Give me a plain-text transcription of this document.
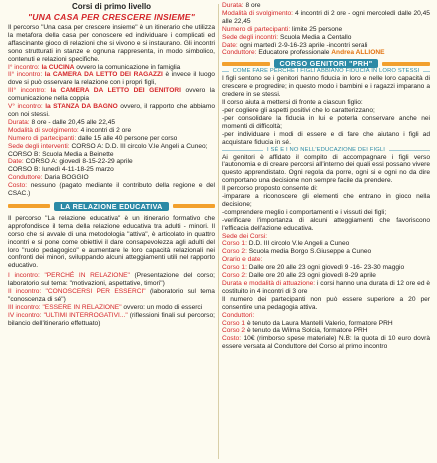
Corsi di primo livello

"UNA CASA PER CRESCERE INSIEME"

Il percorso "Una casa per crescere insieme" è un itinerario che utilizza la metafora della casa per conoscere ed individuare i complicati ed affascinante gioco di relazioni che si vivono e si instaurano. Gli incontri sono strutturati in stanze e ognuna rappresenta, in modo simbolico, contenuti e relazioni specifiche.

I° incontro: la CUCINA ovvero la comunicazione in famiglia

II° incontro: la CAMERA DA LETTO DEI RAGAZZI è invece il luogo dove si può osservare la relazione con i propri figli,

III° incontro: la CAMERA DA LETTO DEI GENITORI ovvero la comunicazione nella coppia

V° incontro: la STANZA DA BAGNO ovvero, il rapporto che abbiamo con noi stessi.

Durata: 8 ore - dalle 20,45 alle 22,45

Modalità di svolgimento: 4 incontri di 2 ore

Numero di partecipanti: dalle 15 alle 40 persone per corso

Sede degli interventi: CORSO A: D.D. III circolo V.le Angeli a Cuneo;

CORSO B: Scuola Media a Beinette

Date: CORSO A: giovedì 8-15-22-29 aprile

CORSO B: lunedì 4-11-18-25 marzo

Conduttore: Daria BOGGIO

Costo: nessuno (pagato mediante il contributo della regione e del CSAC.)

LA RELAZIONE EDUCATIVA

Il percorso "La relazione educativa" è un itinerario formativo che approfondisce il tema della relazione educativa tra adulti - minori. Il corso che si avvale di una metodologia "attiva", è articolato in quattro incontri e si pone come obiettivi il dare consapevolezza agli adulti del loro "ruolo pedagogico" e aumentare le loro capacità relazionali nei confronti dei minori, sviluppando alcuni atteggiamenti utili nel rapporto educativo.

I incontro: "PERCHÉ IN RELAZIONE" (Presentazione del corso; laboratorio sul tema: "motivazioni, aspettative, timori")

II incontro: "CONOSCERSI PER ESSERCI" (laboratorio sul tema "conoscenza di sé")

III incontro: "ESSERE IN RELAZIONE" ovvero: un modo di esserci

IV incontro: "ULTIMI INTERROGATIVI..." (riflessioni finali sul percorso; bilancio dell'itinerario effettuato)

Durata: 8 ore

Modalità di svolgimento: 4 incontri di 2 ore - ogni mercoledì dalle 20,45 alle 22,45

Numero di partecipanti: limite 25 persone

Sede degli incontri: Scuola Media a Centallo

Date: ogni martedì 2-9-16-23 aprile -incontri serali

Conduttore: Educatore professionale Andrea ALLIONE

CORSO GENITORI "PRH"
COME FARE PERCHÉ I FIGLI ABBIANO FIDUCIA IN LORO STESSI

I figli sentono se i genitori hanno fiducia in loro e nelle loro capacità di crescere e progredire; in questo modo i bambini e i ragazzi imparano a credere in se stessi.

Il corso aiuta a mettersi di fronte a ciascun figlio:

-per cogliere gli aspetti positivi che lo caratterizzano;

-per consolidare la fiducia in lui e poterla conservare anche nei momenti di difficoltà;

-per individuare i modi di essere e di fare che aiutano i figli ad acquistare fiducia in sé.

I SÉ E I NO NELL'EDUCAZIONE DEI FIGLI

Ai genitori è affidato il compito di accompagnare i figli verso l'autonomia e di creare percorsi all'interno dei quali essi possano vivere questo apprendistato. Ogni regola da porre, ogni si e ogni no da dire comportano una decisione non sempre facile da prendere.

Il percorso proposto consente di:

-imparare a riconoscere gli elementi che entrano in gioco nella decisione;

-comprendere meglio i comportamenti e i vissuti dei figli;

-verificare l'importanza di alcuni atteggiamenti che favoriscono l'efficacia dell'azione educativa.

Sede dei Corsi:

Corso 1: D.D. III circolo V.le Angeli a Cuneo

Corso 2: Scuola media Borgo S.Giuseppe a Cuneo

Orario e date:

Corso 1: Dalle ore 20 alle 23 ogni giovedì 9 -16- 23-30 maggio

Corso 2: Dalle ore 20 alle 23 ogni giovedì 8-29 aprile

Durata e modalità di attuazione: i corsi hanno una durata di 12 ore ed è costituito in 4 incontri di 3 ore

Il numero dei partecipanti non può essere superiore a 20 per consentire una pedagogia attiva.

Conduttori:

Corso 1 è tenuto da Laura Mantelli Valerio, formatore PRH

Corso 2 è tenuto da Wilma Solcia, formatore PRH

Costo: 10€ (rimborso spese materiale) N.B: la quota di 10 euro dovrà essere versata al Conduttore del Corso al primo incontro
